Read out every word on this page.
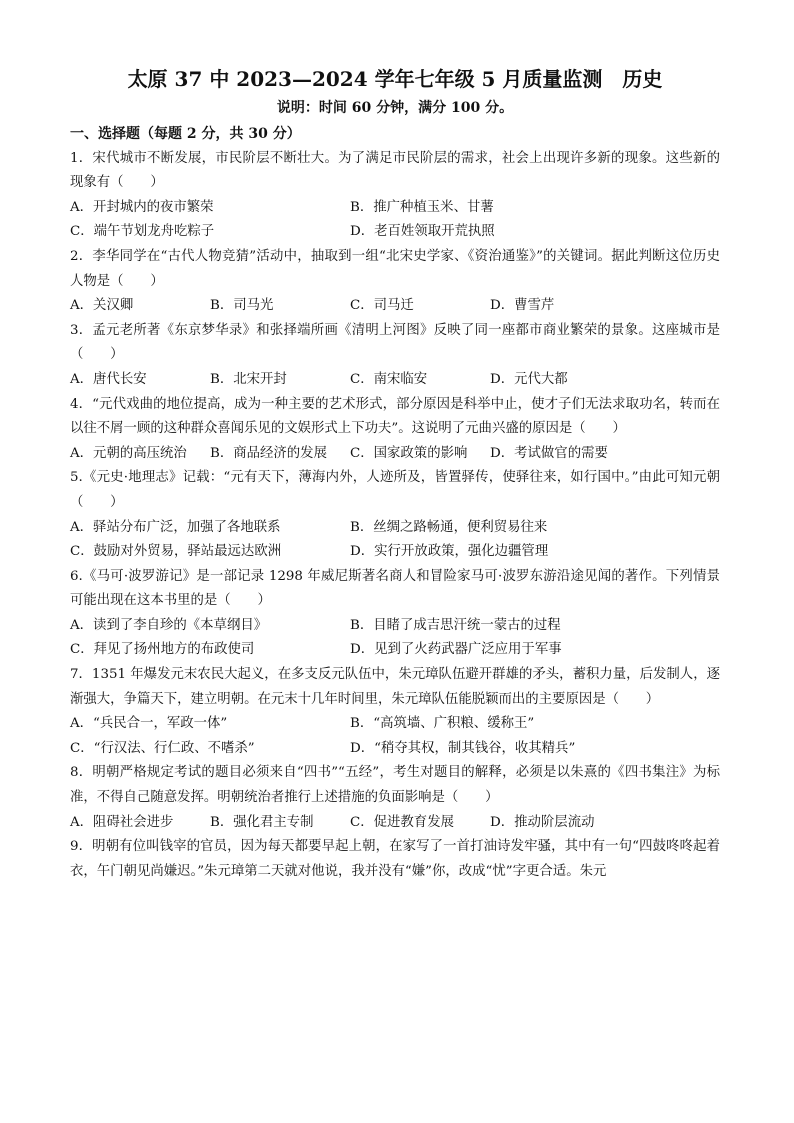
太原 37 中 2023—2024 学年七年级 5 月质量监测　历史

说明：时间 60 分钟，满分 100 分。

一、选择题（每题 2 分，共 30 分）

1．宋代城市不断发展，市民阶层不断壮大。为了满足市民阶层的需求，社会上出现许多新的现象。这些新的现象有（　　）

A．开封城内的夜市繁荣	B．推广种植玉米、甘薯
C．端午节划龙舟吃粽子	D．老百姓领取开荒执照

2．李华同学在“古代人物竞猜”活动中，抽取到一组“北宋史学家、《资治通鉴》”的关键词。据此判断这位历史人物是（　　）

A．关汉卿	B．司马光	C．司马迁	D．曹雪芹

3．孟元老所著《东京梦华录》和张择端所画《清明上河图》反映了同一座都市商业繁荣的景象。这座城市是（　　）

A．唐代长安	B．北宋开封	C．南宋临安	D．元代大都

4．“元代戏曲的地位提高，成为一种主要的艺术形式，部分原因是科举中止，使才子们无法求取功名，转而在以往不屑一顾的这种群众喜闻乐见的文娱形式上下功夫”。这说明了元曲兴盛的原因是（　　）

A．元朝的高压统治	B．商品经济的发展	C．国家政策的影响	D．考试做官的需要

5.《元史·地理志》记载：“元有天下，薄海内外，人迹所及，皆置驿传，使驿往来，如行国中。”由此可知元朝（　　）

A．驿站分布广泛，加强了各地联系	B．丝绸之路畅通，便利贸易往来
C．鼓励对外贸易，驿站最远达欧洲	D．实行开放政策，强化边疆管理

6.《马可·波罗游记》是一部记录 1298 年威尼斯著名商人和冒险家马可·波罗东游沿途见闻的著作。下列情景可能出现在这本书里的是（　　）

A．读到了李自珍的《本草纲目》	B．目睹了成吉思汗统一蒙古的过程
C．拜见了扬州地方的布政使司	D．见到了火药武器广泛应用于军事

7．1351 年爆发元末农民大起义，在多支反元队伍中，朱元璋队伍避开群雄的矛头，蓄积力量，后发制人，逐渐强大，争篇天下，建立明朝。在元末十几年时间里，朱元璋队伍能脱颖而出的主要原因是（　　）

A．“兵民合一，军政一体”	B．“高筑墙、广积粮、缓称王”
C．“行汉法、行仁政、不嗜杀”	D．“稍夺其权，制其钱谷，收其精兵”

8．明朝严格规定考试的题目必须来自“四书”“五经”，考生对题目的解释，必须是以朱熹的《四书集注》为标准，不得自己随意发挥。明朝统治者推行上述措施的负面影响是（　　）

A．阻碍社会进步	B．强化君主专制	C．促进教育发展	D．推动阶层流动

9．明朝有位叫钱宰的官员，因为每天都要早起上朝，在家写了一首打油诗发牢骚，其中有一句“四鼓咚咚起着衣，午门朝见尚嫌迟。”朱元璋第二天就对他说，我并没有“嫌”你，改成“忧”字更合适。朱元
